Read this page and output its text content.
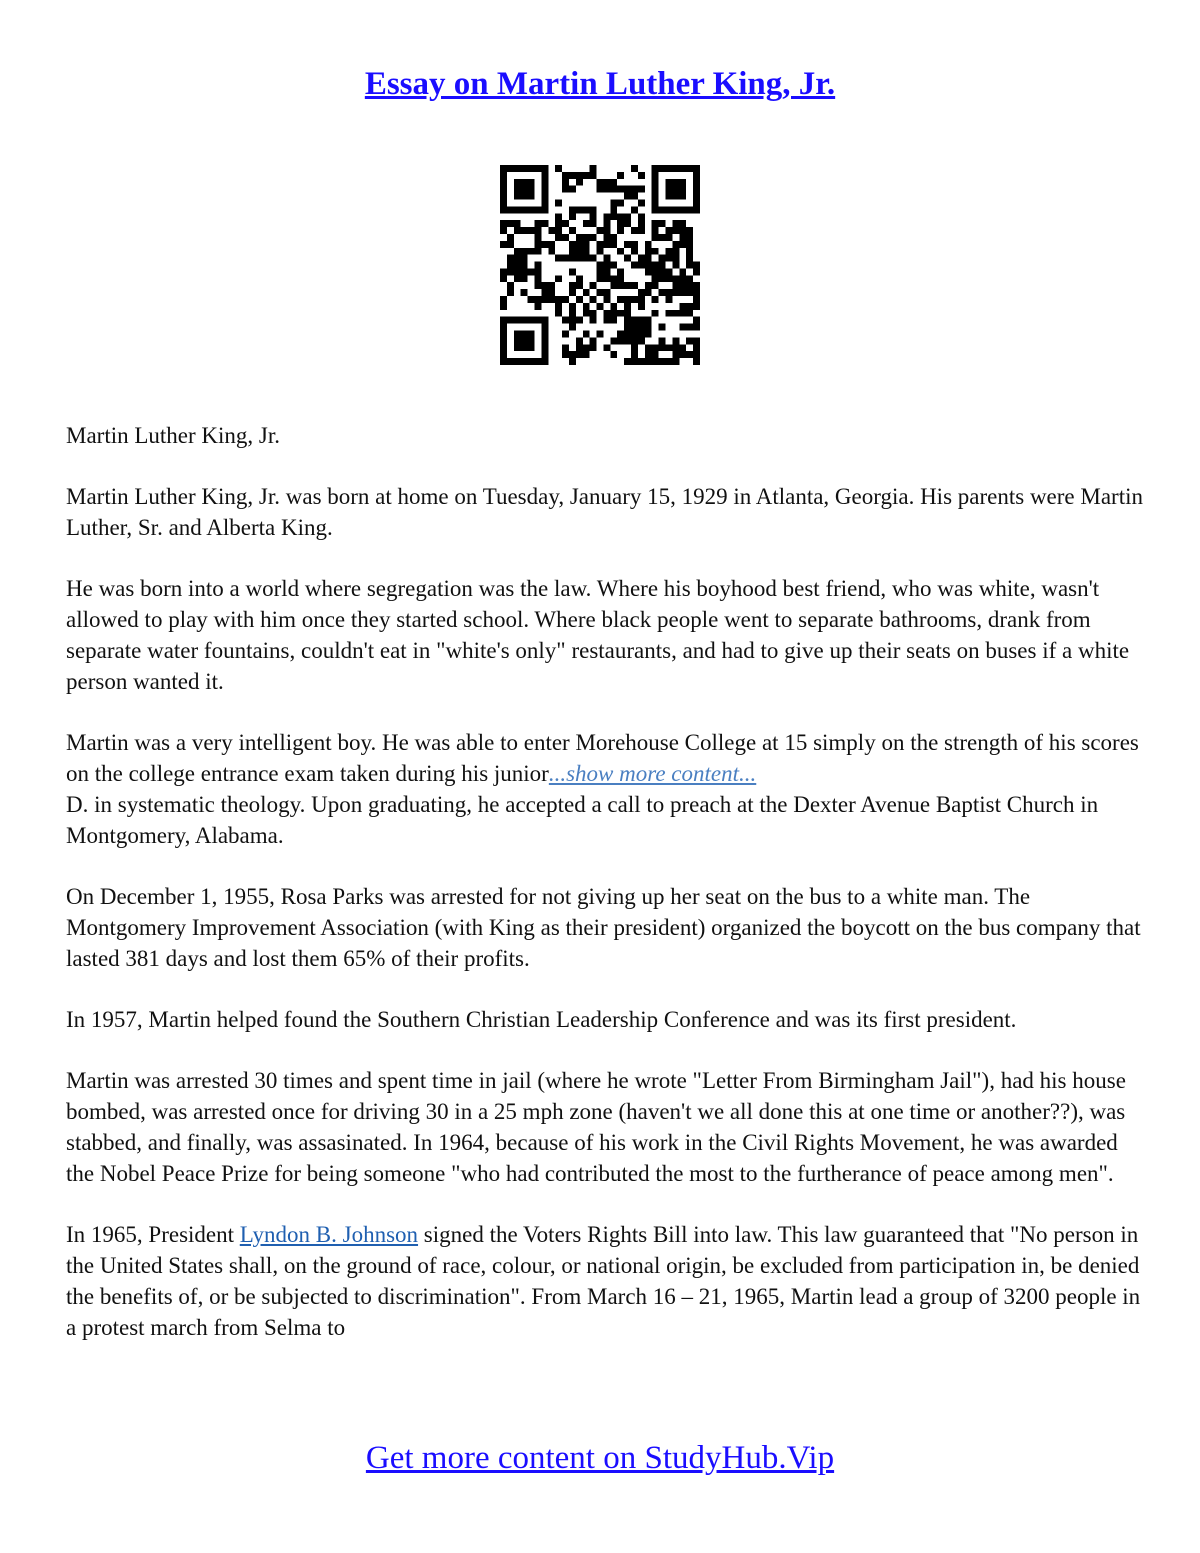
Essay on Martin Luther King, Jr.

Martin Luther King, Jr.

Martin Luther King, Jr. was born at home on Tuesday, January 15, 1929 in Atlanta, Georgia. His parents were Martin Luther, Sr. and Alberta King.

He was born into a world where segregation was the law. Where his boyhood best friend, who was white, wasn't allowed to play with him once they started school. Where black people went to separate bathrooms, drank from separate water fountains, couldn't eat in "white's only" restaurants, and had to give up their seats on buses if a white person wanted it.

Martin was a very intelligent boy. He was able to enter Morehouse College at 15 simply on the strength of his scores on the college entrance exam taken during his junior...show more content...
D. in systematic theology. Upon graduating, he accepted a call to preach at the Dexter Avenue Baptist Church in Montgomery, Alabama.

On December 1, 1955, Rosa Parks was arrested for not giving up her seat on the bus to a white man. The Montgomery Improvement Association (with King as their president) organized the boycott on the bus company that lasted 381 days and lost them 65% of their profits.

In 1957, Martin helped found the Southern Christian Leadership Conference and was its first president.

Martin was arrested 30 times and spent time in jail (where he wrote "Letter From Birmingham Jail"), had his house bombed, was arrested once for driving 30 in a 25 mph zone (haven't we all done this at one time or another??), was stabbed, and finally, was assasinated. In 1964, because of his work in the Civil Rights Movement, he was awarded the Nobel Peace Prize for being someone "who had contributed the most to the furtherance of peace among men".

In 1965, President Lyndon B. Johnson signed the Voters Rights Bill into law. This law guaranteed that "No person in the United States shall, on the ground of race, colour, or national origin, be excluded from participation in, be denied the benefits of, or be subjected to discrimination". From March 16 – 21, 1965, Martin lead a group of 3200 people in a protest march from Selma to

Get more content on StudyHub.Vip
